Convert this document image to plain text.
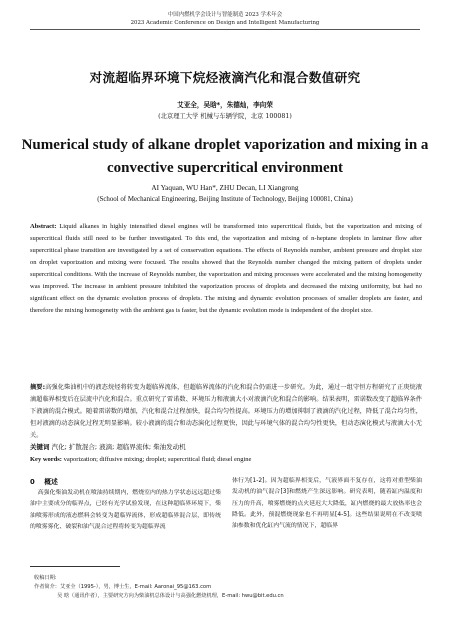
中国内燃机学会设计与智能制造 2023 学术年会
2023 Academic Conference on Design and Intelligent Manufacturing
对流超临界环境下烷烃液滴汽化和混合数值研究
艾亚全，吴晗*，朱德灿，李向荣
(北京理工大学 机械与车辆学院，北京 100081)
Numerical study of alkane droplet vaporization and mixing in a
convective supercritical environment
AI Yaquan, WU Han*, ZHU Decan, LI Xiangrong
(School of Mechanical Engineering, Beijing Institute of Technology, Beijing 100081, China)
Abstract: Liquid alkanes in highly intensified diesel engines will be transformed into supercritical fluids, but the vaporization and mixing of supercritical fluids still need to be further investigated. To this end, the vaporization and mixing of n-heptane droplets in laminar flow after supercritical phase transition are investigated by a set of conservation equations. The effects of Reynolds number, ambient pressure and droplet size on droplet vaporization and mixing were focused. The results showed that the Reynolds number changed the mixing pattern of droplets under supercritical conditions. With the increase of Reynolds number, the vaporization and mixing processes were accelerated and the mixing homogeneity was improved. The increase in ambient pressure inhibited the vaporization process of droplets and decreased the mixing uniformity, but had no significant effect on the dynamic evolution process of droplets. The mixing and dynamic evolution processes of smaller droplets are faster, and therefore the mixing homogeneity with the ambient gas is faster, but the dynamic evolution mode is independent of the droplet size.
摘要:高强化柴油机中的液态烷烃将转变为超临界流体，但超临界流体的汽化和混合仍需进一步研究。为此，通过一组守恒方程研究了正庚烷液滴超临界相变后在层流中汽化和混合。重点研究了雷诺数、环境压力和液滴大小对液滴汽化和混合的影响。结果表明，雷诺数改变了超临界条件下液滴的混合模式。随着雷诺数的增加，汽化和混合过程加快，混合均匀性提高。环境压力的增加抑制了液滴的汽化过程，降低了混合均匀性，但对液滴的动态演化过程无明显影响。较小液滴的混合和动态演化过程更快，因此与环境气体的混合均匀性更快，但动态演化模式与液滴大小无关。
关键词 汽化; 扩散混合; 液滴; 超临界流体; 柴油发动机
Key words: vaporization; diffusive mixing; droplet; supercritical fluid; diesel engine
0 概述
高强化柴油发动机在喷油持续期内，燃烧室内的热力学状态远远超过柴油中主要成分的临界点，已经有光学试验发现，在这种超临界环境下，柴油喷雾形成的液态燃料会转变为超临界流体，形成超临界混合层，即传统的喷雾雾化、破裂和油气混合过程将转变为超临界流
体行为[1-2]。因为超临界相变后，气液界面不复存在，这将对重型柴油发动机的油气混合[3]和燃烧产生深远影响。研究表明，随着缸内温度和压力的升高，喷雾燃烧的点火延迟大大降低，缸内燃烧的最大放热率也会降低。此外，预混燃烧现象也不再明显[4-5]。这些结果说明在不改变喷油参数和优化缸内气流的情况下，超临界
收稿日期:
作者简介：艾亚全（1995-），男，博士生，E-mail: Aaronai_95@163.com
吴 晗（通讯作者），主要研究方向为柴油机总体设计与高强化燃烧机理，E-mail: hwu@bit.edu.cn
